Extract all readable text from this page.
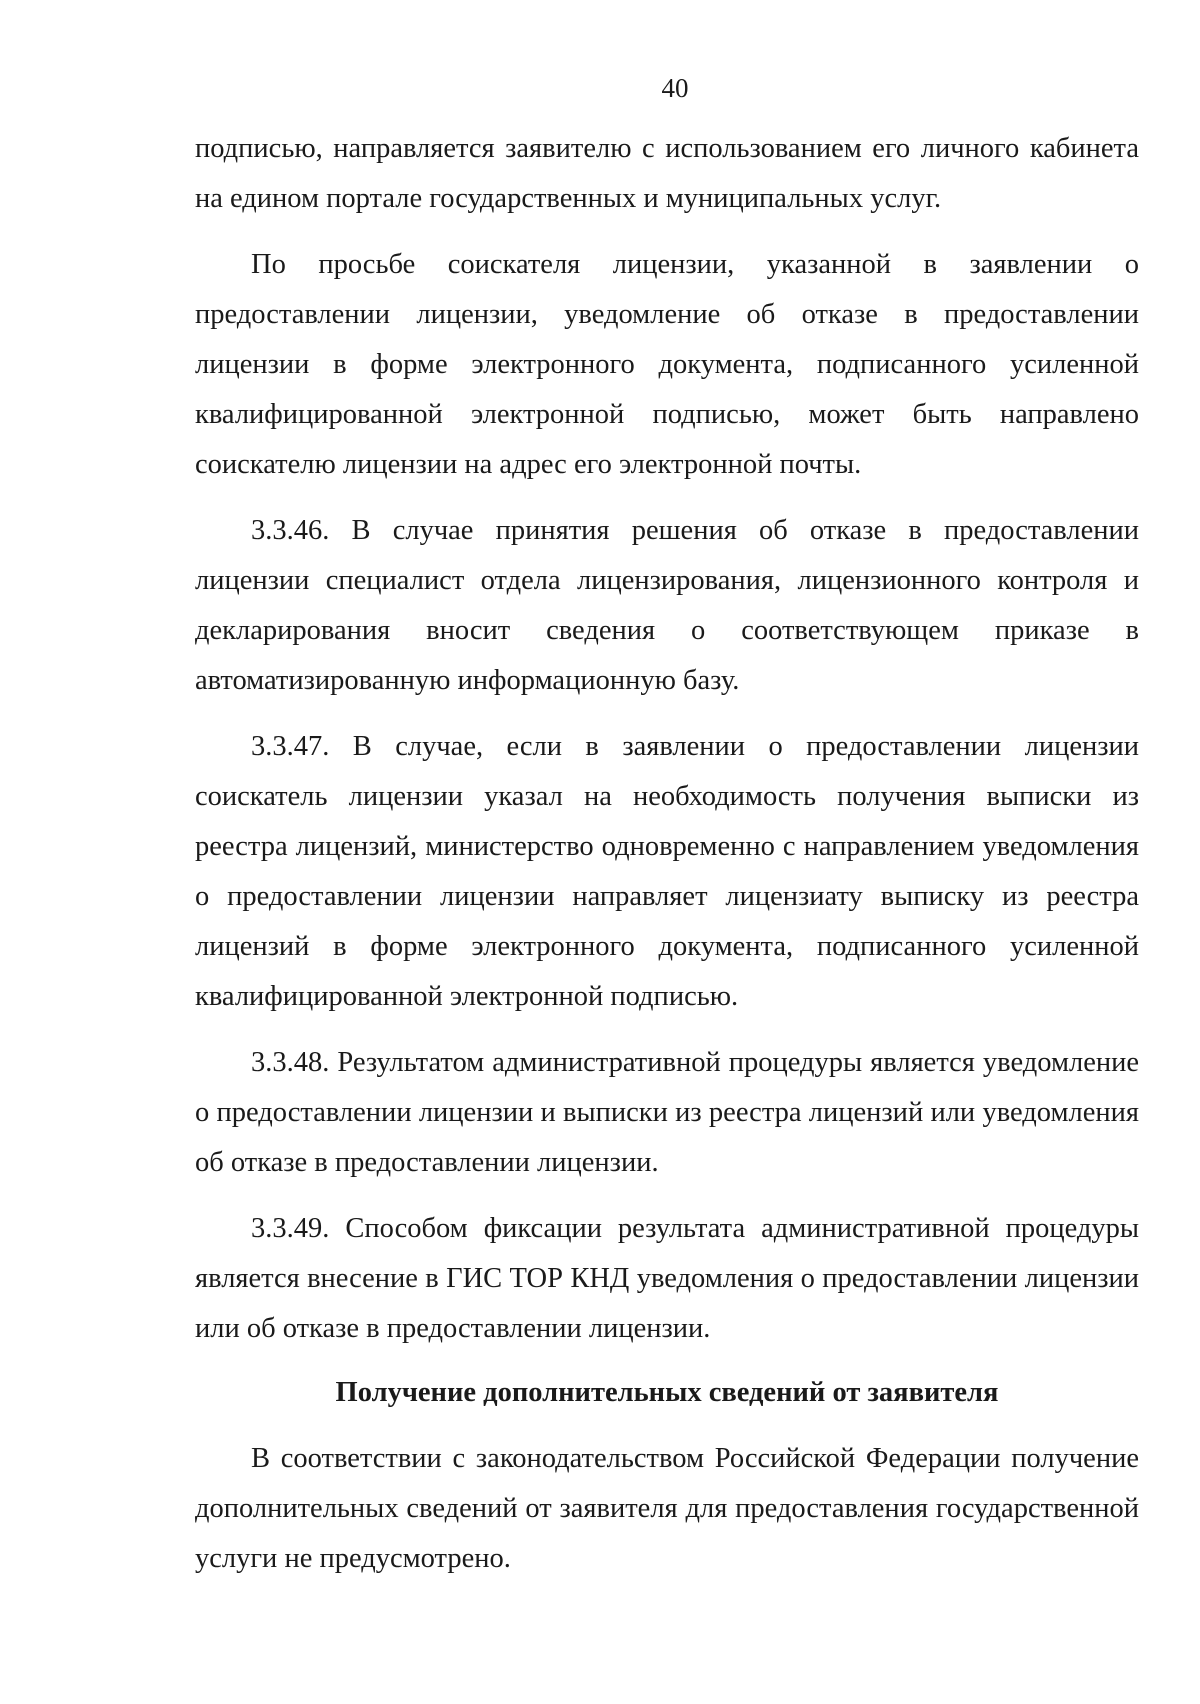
40

подписью, направляется заявителю с использованием его личного кабинета на едином портале государственных и муниципальных услуг.

По просьбе соискателя лицензии, указанной в заявлении о предоставлении лицензии, уведомление об отказе в предоставлении лицензии в форме электронного документа, подписанного усиленной квалифицированной электронной подписью, может быть направлено соискателю лицензии на адрес его электронной почты.

3.3.46. В случае принятия решения об отказе в предоставлении лицензии специалист отдела лицензирования, лицензионного контроля и декларирования вносит сведения о соответствующем приказе в автоматизированную информационную базу.

3.3.47. В случае, если в заявлении о предоставлении лицензии соискатель лицензии указал на необходимость получения выписки из реестра лицензий, министерство одновременно с направлением уведомления о предоставлении лицензии направляет лицензиату выписку из реестра лицензий в форме электронного документа, подписанного усиленной квалифицированной электронной подписью.

3.3.48. Результатом административной процедуры является уведомление о предоставлении лицензии и выписки из реестра лицензий или уведомления об отказе в предоставлении лицензии.

3.3.49. Способом фиксации результата административной процедуры является внесение в ГИС ТОР КНД уведомления о предоставлении лицензии или об отказе в предоставлении лицензии.

Получение дополнительных сведений от заявителя

В соответствии с законодательством Российской Федерации получение дополнительных сведений от заявителя для предоставления государственной услуги не предусмотрено.
